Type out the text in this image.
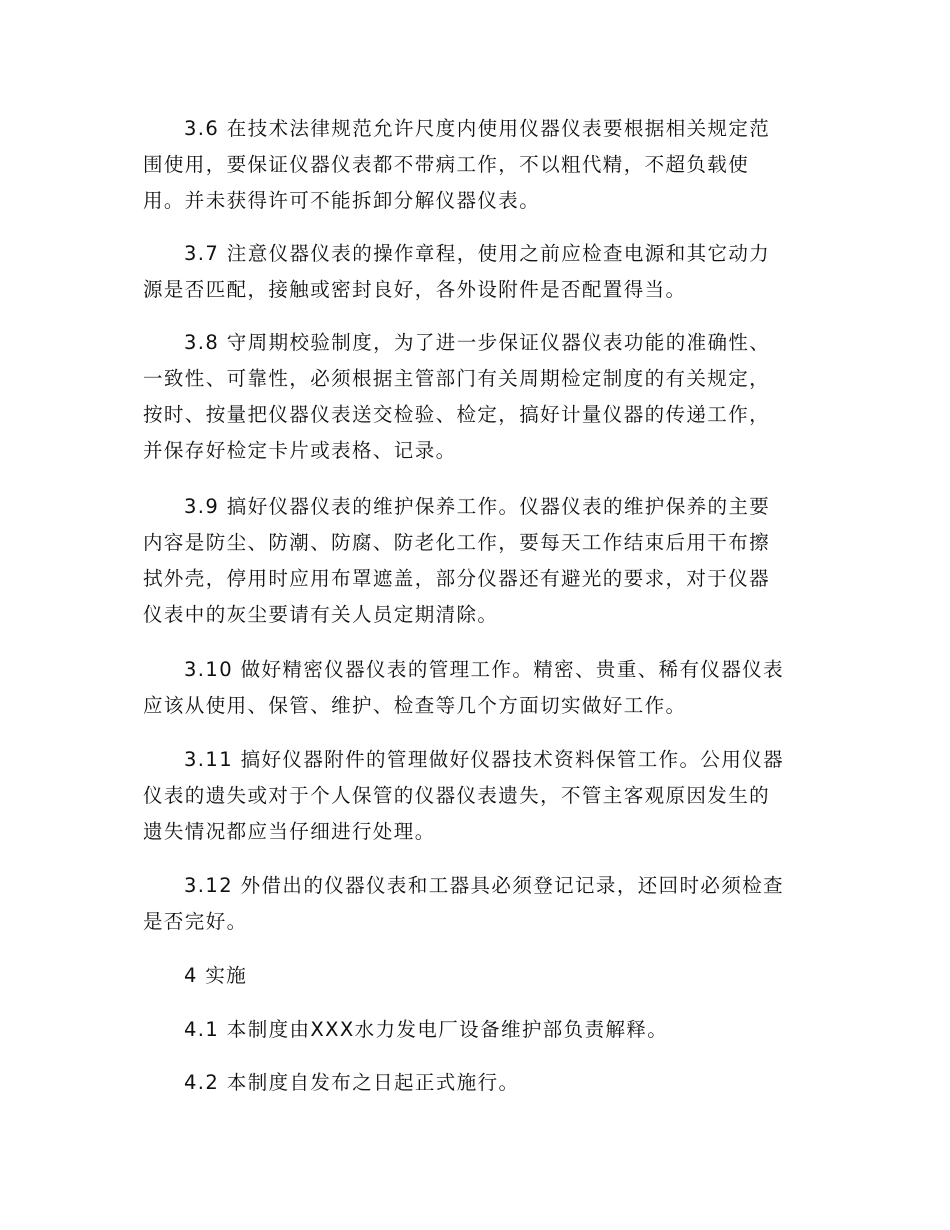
3.6 在技术法律规范允许尺度内使用仪器仪表要根据相关规定范
围使用，要保证仪器仪表都不带病工作，不以粗代精，不超负载使
用。并未获得许可不能拆卸分解仪器仪表。
3.7 注意仪器仪表的操作章程，使用之前应检查电源和其它动力
源是否匹配，接触或密封良好，各外设附件是否配置得当。
3.8 守周期校验制度，为了进一步保证仪器仪表功能的准确性、
一致性、可靠性，必须根据主管部门有关周期检定制度的有关规定，
按时、按量把仪器仪表送交检验、检定，搞好计量仪器的传递工作，
并保存好检定卡片或表格、记录。
3.9 搞好仪器仪表的维护保养工作。仪器仪表的维护保养的主要
内容是防尘、防潮、防腐、防老化工作，要每天工作结束后用干布擦
拭外壳，停用时应用布罩遮盖，部分仪器还有避光的要求，对于仪器
仪表中的灰尘要请有关人员定期清除。
3.10 做好精密仪器仪表的管理工作。精密、贵重、稀有仪器仪表
应该从使用、保管、维护、检查等几个方面切实做好工作。
3.11 搞好仪器附件的管理做好仪器技术资料保管工作。公用仪器
仪表的遗失或对于个人保管的仪器仪表遗失，不管主客观原因发生的
遗失情况都应当仔细进行处理。
3.12 外借出的仪器仪表和工器具必须登记记录，还回时必须检查
是否完好。
4 实施
4.1 本制度由XXX水力发电厂设备维护部负责解释。
4.2 本制度自发布之日起正式施行。
